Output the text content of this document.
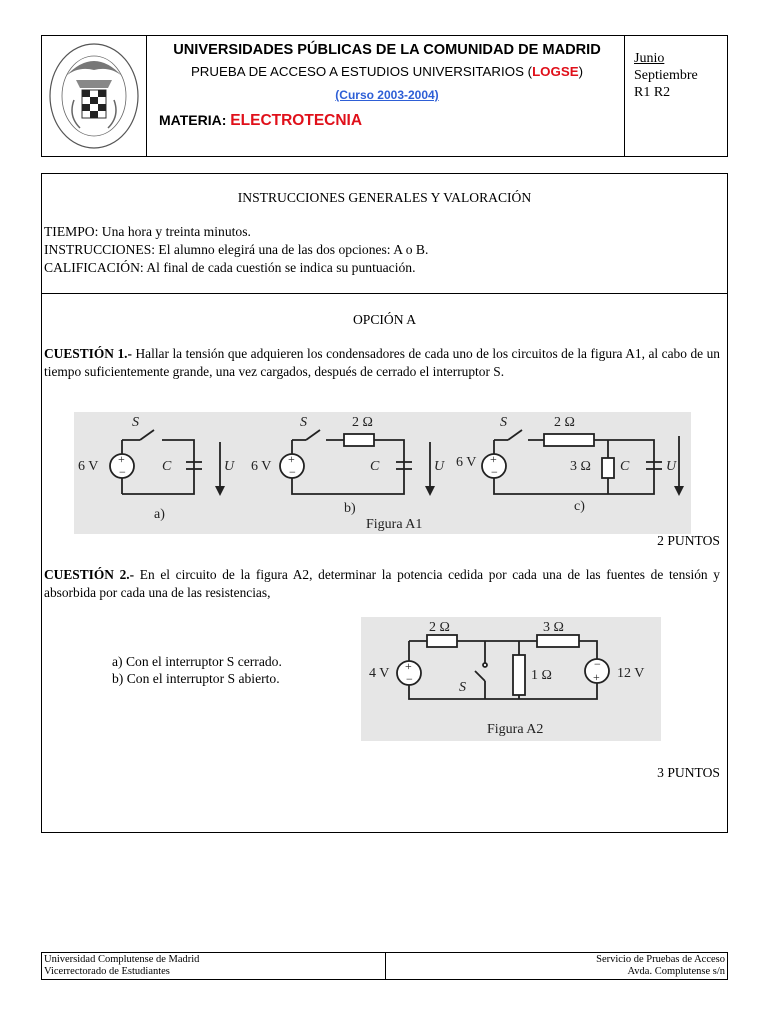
UNIVERSIDADES PÚBLICAS DE LA COMUNIDAD DE MADRID
PRUEBA DE ACCESO A ESTUDIOS UNIVERSITARIOS (LOGSE)
(Curso 2003-2004)
MATERIA: ELECTROTECNIA
Junio
Septiembre
R1 R2
INSTRUCCIONES GENERALES Y VALORACIÓN
TIEMPO: Una hora y treinta minutos.
INSTRUCCIONES: El alumno elegirá una de las dos opciones: A o B.
CALIFICACIÓN: Al final de cada cuestión se indica su puntuación.
OPCIÓN A
CUESTIÓN 1.- Hallar la tensión que adquieren los condensadores de cada uno de los circuitos de la figura A1, al cabo de un tiempo suficientemente grande, una vez cargados, después de cerrado el interruptor S.
+
−
+
−
+
−
6 V
S
C	U
a)
6 V
S	2 Ω
C	U
b)
6 V
S	2 Ω
3 Ω C	U
c)
Figura A1
2 PUNTOS
CUESTIÓN 2.- En el circuito de la figura A2, determinar la potencia cedida por cada una de las fuentes de tensión y absorbida por cada una de las resistencias,
a) Con el interruptor S cerrado.
b) Con el interruptor S abierto.
+
−
−
+
2 Ω	3 Ω
1 Ω
4 V	12 V
S
Figura A2
3 PUNTOS
Universidad Complutense de Madrid
Vicerrectorado de Estudiantes
Servicio de Pruebas de Acceso
Avda. Complutense s/n
